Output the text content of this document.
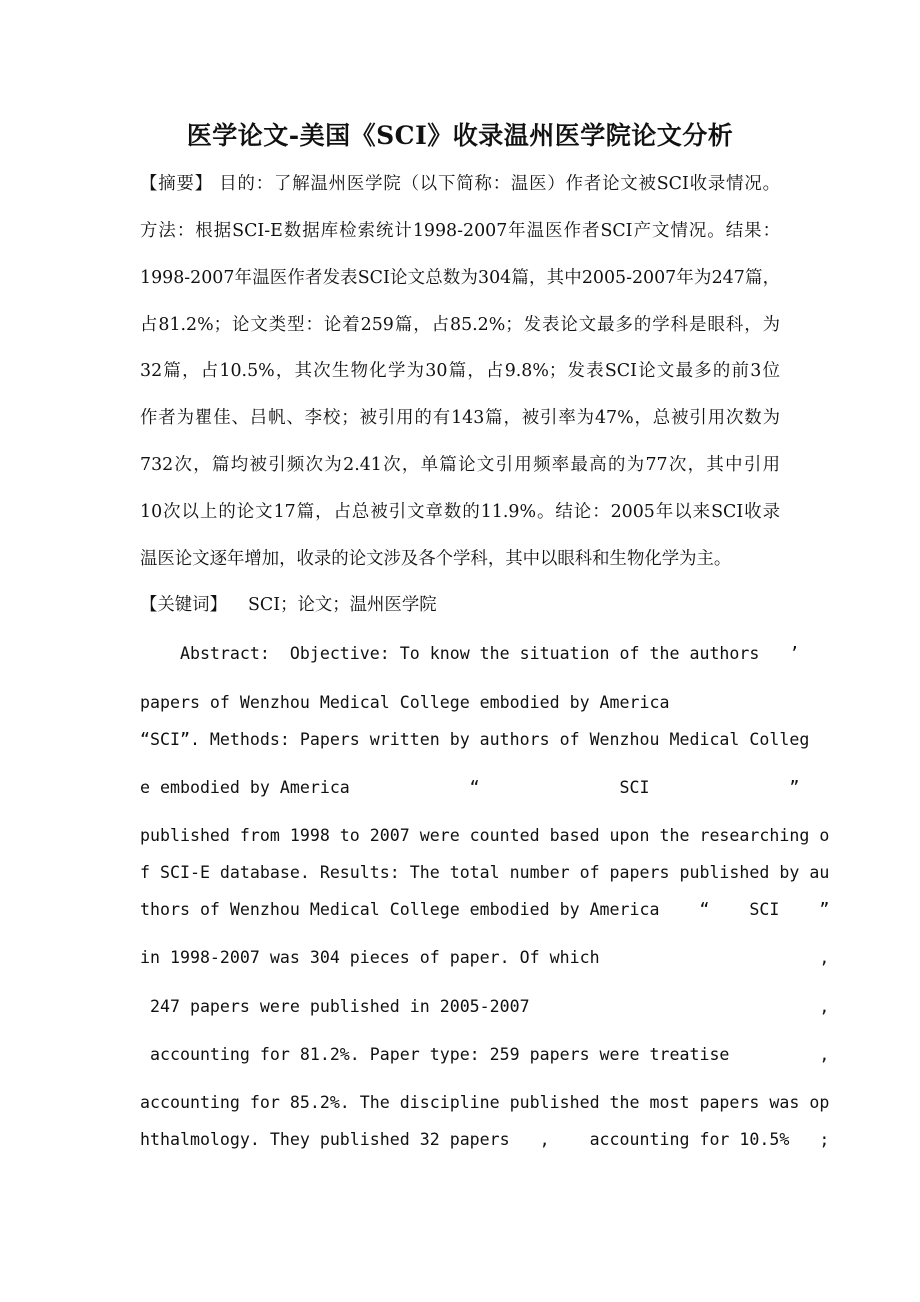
医学论文-美国《SCI》收录温州医学院论文分析
【摘要】 目的：了解温州医学院（以下简称：温医）作者论文被SCI收录情况。
方法：根据SCI-E数据库检索统计1998-2007年温医作者SCI产文情况。结果：
1998-2007年温医作者发表SCI论文总数为304篇，其中2005-2007年为247篇，
占81.2%；论文类型：论着259篇，占85.2%；发表论文最多的学科是眼科，为
32篇，占10.5%，其次生物化学为30篇，占9.8%；发表SCI论文最多的前3位
作者为瞿佳、吕帆、李校；被引用的有143篇，被引率为47%，总被引用次数为
732次，篇均被引频次为2.41次，单篇论文引用频率最高的为77次，其中引用
10次以上的论文17篇，占总被引文章数的11.9%。结论：2005年以来SCI收录
温医论文逐年增加，收录的论文涉及各个学科，其中以眼科和生物化学为主。
【关键词】 SCI；论文；温州医学院
Abstract:  Objective: To know the situation of the authors   ’
papers of Wenzhou Medical College embodied by America
“SCI”. Methods: Papers written by authors of Wenzhou Medical Colleg
e embodied by America            “              SCI              ”
published from 1998 to 2007 were counted based upon the researching o
f SCI-E database. Results: The total number of papers published by au
thors of Wenzhou Medical College embodied by America    “    SCI    ”
in 1998-2007 was 304 pieces of paper. Of which                      ,
247 papers were published in 2005-2007                             ,
accounting for 81.2%. Paper type: 259 papers were treatise         ,
accounting for 85.2%. The discipline published the most papers was op
hthalmology. They published 32 papers   ,    accounting for 10.5%   ;
